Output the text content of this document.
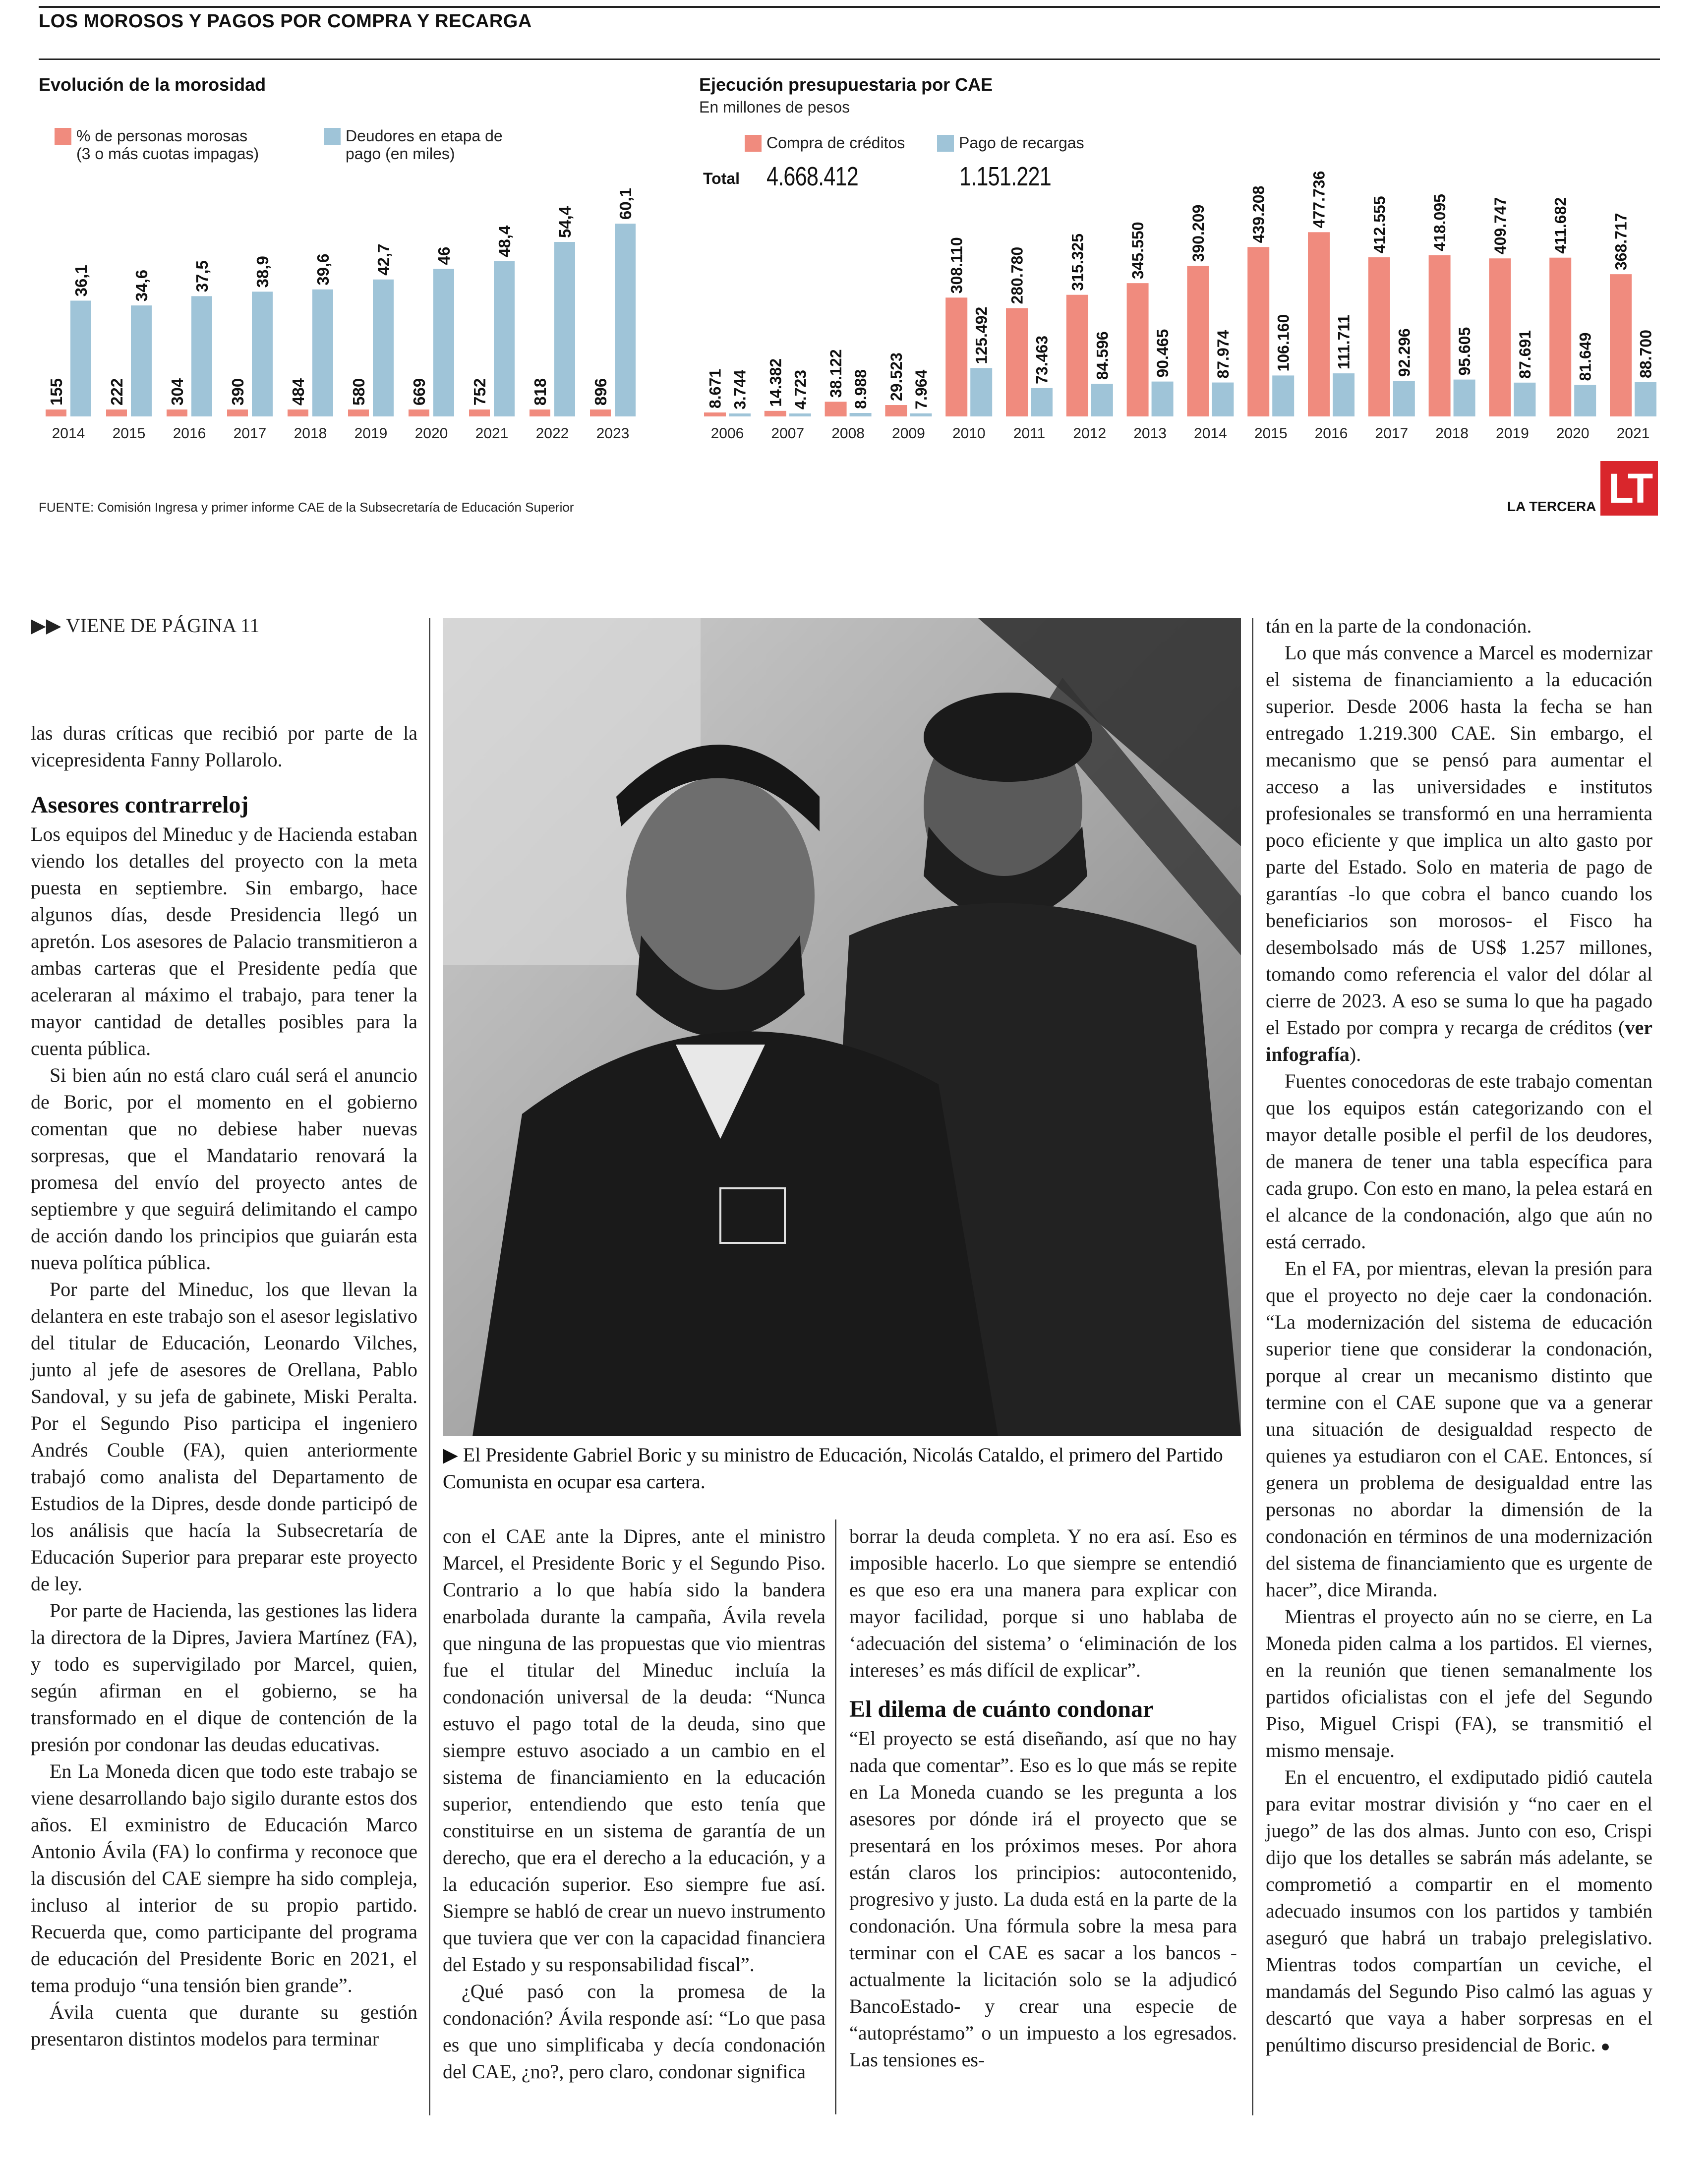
LOS MOROSOS Y PAGOS POR COMPRA Y RECARGA
Evolución de la morosidad
% de personas morosas
(3 o más cuotas impagas)
Deudores en etapa de
pago (en miles)
155
36,1
2014
222
34,6
2015
304
37,5
2016
390
38,9
2017
484
39,6
2018
580
42,7
2019
669
46
2020
752
48,4
2021
818
54,4
2022
896
60,1
2023
Ejecución presupuestaria por CAE
En millones de pesos
Compra de créditos	Pago de recargas
Total 4.668.412	1.151.221
8.671 3.744
2006
14.382 4.723
2007
38.122 8.988
2008
29.523 7.964
2009
308.110
125.492
2010
280.780
73.463
2011
315.325
84.596
2012
345.550
90.465
2013
390.209
87.974
2014
439.208
106.160
2015
477.736
111.711
2016
412.555
92.296
2017
418.095
95.605
2018
409.747
87.691
2019
411.682
81.649
2020
368.717
88.700
2021
FUENTE: Comisión Ingresa y primer informe CAE de la Subsecretaría de Educación Superior	LA TERCERA LT
▶▶ VIENE DE PÁGINA 11

las duras críticas que recibió por parte de la vicepresidenta Fanny Pollarolo.

Asesores contrarreloj

Los equipos del Mineduc y de Hacienda estaban viendo los detalles del proyecto con la meta puesta en septiembre. Sin embargo, hace algunos días, desde Presidencia llegó un apretón. Los asesores de Palacio transmitieron a ambas carteras que el Presidente pedía que aceleraran al máximo el trabajo, para tener la mayor cantidad de detalles posibles para la cuenta pública.

Si bien aún no está claro cuál será el anuncio de Boric, por el momento en el gobierno comentan que no debiese haber nuevas sorpresas, que el Mandatario renovará la promesa del envío del proyecto antes de septiembre y que seguirá delimitando el campo de acción dando los principios que guiarán esta nueva política pública.

Por parte del Mineduc, los que llevan la delantera en este trabajo son el asesor legislativo del titular de Educación, Leonardo Vilches, junto al jefe de asesores de Orellana, Pablo Sandoval, y su jefa de gabinete, Miski Peralta. Por el Segundo Piso participa el ingeniero Andrés Couble (FA), quien anteriormente trabajó como analista del Departamento de Estudios de la Dipres, desde donde participó de los análisis que hacía la Subsecretaría de Educación Superior para preparar este proyecto de ley.

Por parte de Hacienda, las gestiones las lidera la directora de la Dipres, Javiera Martínez (FA), y todo es supervigilado por Marcel, quien, según afirman en el gobierno, se ha transformado en el dique de contención de la presión por condonar las deudas educativas.

En La Moneda dicen que todo este trabajo se viene desarrollando bajo sigilo durante estos dos años. El exministro de Educación Marco Antonio Ávila (FA) lo confirma y reconoce que la discusión del CAE siempre ha sido compleja, incluso al interior de su propio partido. Recuerda que, como participante del programa de educación del Presidente Boric en 2021, el tema produjo “una tensión bien grande”.

Ávila cuenta que durante su gestión presentaron distintos modelos para terminar

▶ El Presidente Gabriel Boric y su ministro de Educación, Nicolás Cataldo, el primero del Partido Comunista en ocupar esa cartera.

con el CAE ante la Dipres, ante el ministro Marcel, el Presidente Boric y el Segundo Piso. Contrario a lo que había sido la bandera enarbolada durante la campaña, Ávila revela que ninguna de las propuestas que vio mientras fue el titular del Mineduc incluía la condonación universal de la deuda: “Nunca estuvo el pago total de la deuda, sino que siempre estuvo asociado a un cambio en el sistema de financiamiento en la educación superior, entendiendo que esto tenía que constituirse en un sistema de garantía de un derecho, que era el derecho a la educación, y a la educación superior. Eso siempre fue así. Siempre se habló de crear un nuevo instrumento que tuviera que ver con la capacidad financiera del Estado y su responsabilidad fiscal”.

¿Qué pasó con la promesa de la condonación? Ávila responde así: “Lo que pasa es que uno simplificaba y decía condonación del CAE, ¿no?, pero claro, condonar significa

borrar la deuda completa. Y no era así. Eso es imposible hacerlo. Lo que siempre se entendió es que eso era una manera para explicar con mayor facilidad, porque si uno hablaba de ‘adecuación del sistema’ o ‘eliminación de los intereses’ es más difícil de explicar”.

El dilema de cuánto condonar

“El proyecto se está diseñando, así que no hay nada que comentar”. Eso es lo que más se repite en La Moneda cuando se les pregunta a los asesores por dónde irá el proyecto que se presentará en los próximos meses. Por ahora están claros los principios: autocontenido, progresivo y justo. La duda está en la parte de la condonación. Una fórmula sobre la mesa para terminar con el CAE es sacar a los bancos -actualmente la licitación solo se la adjudicó BancoEstado- y crear una especie de “autopréstamo” o un impuesto a los egresados. Las tensiones es-

tán en la parte de la condonación.

Lo que más convence a Marcel es modernizar el sistema de financiamiento a la educación superior. Desde 2006 hasta la fecha se han entregado 1.219.300 CAE. Sin embargo, el mecanismo que se pensó para aumentar el acceso a las universidades e institutos profesionales se transformó en una herramienta poco eficiente y que implica un alto gasto por parte del Estado. Solo en materia de pago de garantías -lo que cobra el banco cuando los beneficiarios son morosos- el Fisco ha desembolsado más de US$ 1.257 millones, tomando como referencia el valor del dólar al cierre de 2023. A eso se suma lo que ha pagado el Estado por compra y recarga de créditos (ver infografía).

Fuentes conocedoras de este trabajo comentan que los equipos están categorizando con el mayor detalle posible el perfil de los deudores, de manera de tener una tabla específica para cada grupo. Con esto en mano, la pelea estará en el alcance de la condonación, algo que aún no está cerrado.

En el FA, por mientras, elevan la presión para que el proyecto no deje caer la condonación. “La modernización del sistema de educación superior tiene que considerar la condonación, porque al crear un mecanismo distinto que termine con el CAE supone que va a generar una situación de desigualdad respecto de quienes ya estudiaron con el CAE. Entonces, sí genera un problema de desigualdad entre las personas no abordar la dimensión de la condonación en términos de una modernización del sistema de financiamiento que es urgente de hacer”, dice Miranda.

Mientras el proyecto aún no se cierre, en La Moneda piden calma a los partidos. El viernes, en la reunión que tienen semanalmente los partidos oficialistas con el jefe del Segundo Piso, Miguel Crispi (FA), se transmitió el mismo mensaje.

En el encuentro, el exdiputado pidió cautela para evitar mostrar división y “no caer en el juego” de las dos almas. Junto con eso, Crispi dijo que los detalles se sabrán más adelante, se comprometió a compartir en el momento adecuado insumos con los partidos y también aseguró que habrá un trabajo prelegislativo. Mientras todos compartían un ceviche, el mandamás del Segundo Piso calmó las aguas y descartó que vaya a haber sorpresas en el penúltimo discurso presidencial de Boric. ●
